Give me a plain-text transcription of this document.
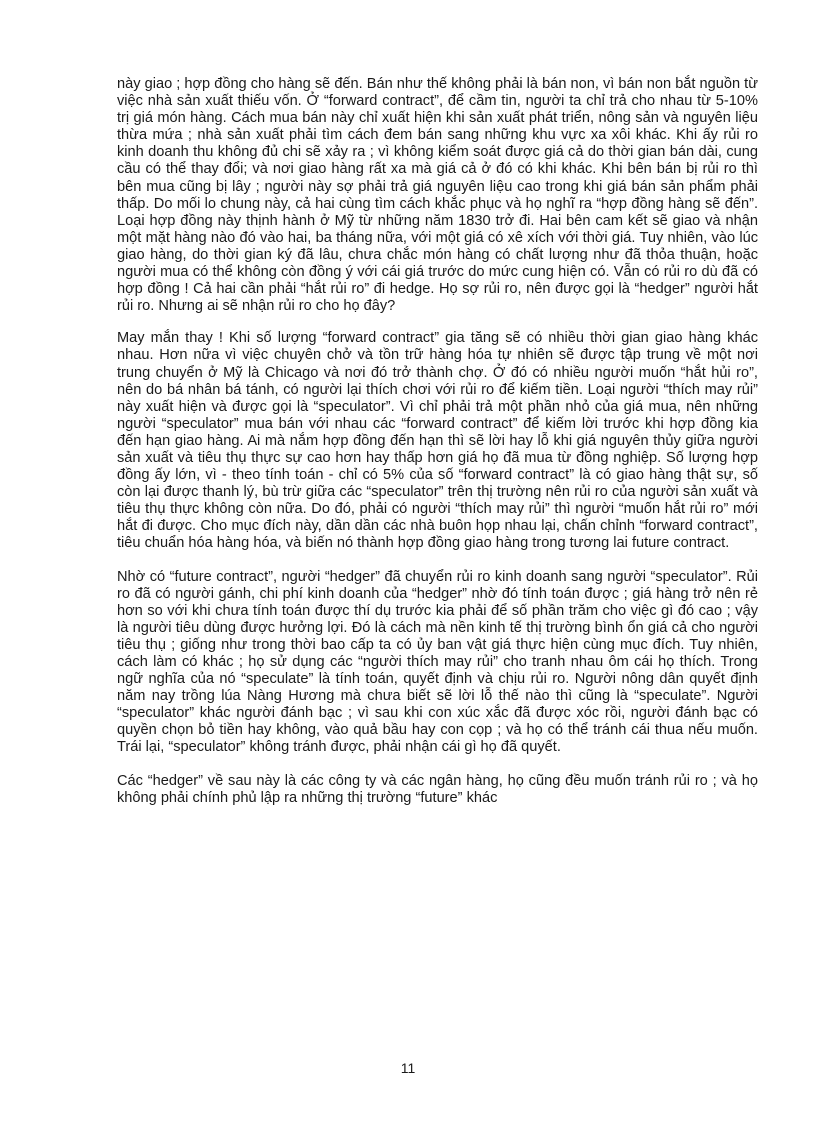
này giao ; hợp đồng cho hàng sẽ đến. Bán như thế không phải là bán non, vì bán non bắt nguồn từ việc nhà sản xuất thiếu vốn. Ở “forward contract”, để cầm tin, người ta chỉ trả cho nhau từ 5-10% trị giá món hàng. Cách mua bán này chỉ xuất hiện khi sản xuất phát triển, nông sản và nguyên liệu thừa mứa ; nhà sản xuất phải tìm cách đem bán sang những khu vực xa xôi khác. Khi ấy rủi ro kinh doanh thu không đủ chi sẽ xảy ra ; vì không kiểm soát được giá cả do thời gian bán dài, cung cầu có thể thay đổi; và nơi giao hàng rất xa mà giá cả ở đó có khi khác. Khi bên bán bị rủi ro thì bên mua cũng bị lây ; người này sợ phải trả giá nguyên liệu cao trong khi giá bán sản phẩm phải thấp. Do mối lo chung này, cả hai cùng tìm cách khắc phục và họ nghĩ ra “hợp đồng hàng sẽ đến”. Loại hợp đồng này thịnh hành ở Mỹ từ những năm 1830 trở đi. Hai bên cam kết sẽ giao và nhận một mặt hàng nào đó vào hai, ba tháng nữa, với một giá có xê xích với thời giá. Tuy nhiên, vào lúc giao hàng, do thời gian ký đã lâu, chưa chắc món hàng có chất lượng như đã thỏa thuận, hoặc người mua có thể không còn đồng ý với cái giá trước do mức cung hiện có. Vẫn có rủi ro dù đã có hợp đồng ! Cả hai cần phải “hắt rủi ro” đi hedge. Họ sợ rủi ro, nên được gọi là “hedger” người hắt rủi ro. Nhưng ai sẽ nhận rủi ro cho họ đây?

May mắn thay ! Khi số lượng “forward contract” gia tăng sẽ có nhiều thời gian giao hàng khác nhau. Hơn nữa vì việc chuyên chở và tồn trữ hàng hóa tự nhiên sẽ được tập trung về một nơi trung chuyển ở Mỹ là Chicago và nơi đó trở thành chợ. Ở đó có nhiều người muốn “hắt hủi ro”, nên do bá nhân bá tánh, có người lại thích chơi với rủi ro để kiếm tiền. Loại người “thích may rủi” này xuất hiện và được gọi là “speculator”. Vì chỉ phải trả một phần nhỏ của giá mua, nên những người “speculator” mua bán với nhau các “forward contract” để kiếm lời trước khi hợp đồng kia đến hạn giao hàng. Ai mà nắm hợp đồng đến hạn thì sẽ lời hay lỗ khi giá nguyên thủy giữa người sản xuất và tiêu thụ thực sự cao hơn hay thấp hơn giá họ đã mua từ đồng nghiệp. Số lượng hợp đồng ấy lớn, vì - theo tính toán - chỉ có 5% của số “forward contract” là có giao hàng thật sự, số còn lại được thanh lý, bù trừ giữa các “speculator” trên thị trường nên rủi ro của người sản xuất và tiêu thụ thực không còn nữa. Do đó, phải có người “thích may rủi” thì người “muốn hắt rủi ro” mới hắt đi được. Cho mục đích này, dần dần các nhà buôn họp nhau lại, chấn chỉnh “forward contract”, tiêu chuẩn hóa hàng hóa, và biến nó thành hợp đồng giao hàng trong tương lai future contract.

Nhờ có “future contract”, người “hedger” đã chuyển rủi ro kinh doanh sang người “speculator”. Rủi ro đã có người gánh, chi phí kinh doanh của “hedger” nhờ đó tính toán được ; giá hàng trở nên rẻ hơn so với khi chưa tính toán được thí dụ trước kia phải để số phần trăm cho việc gì đó cao ; vậy là người tiêu dùng được hưởng lợi. Đó là cách mà nền kinh tế thị trường bình ổn giá cả cho người tiêu thụ ; giống như trong thời bao cấp ta có ủy ban vật giá thực hiện cùng mục đích. Tuy nhiên, cách làm có khác ; họ sử dụng các “người thích may rủi” cho tranh nhau ôm cái họ thích. Trong ngữ nghĩa của nó “speculate” là tính toán, quyết định và chịu rủi ro. Người nông dân quyết định năm nay trồng lúa Nàng Hương mà chưa biết sẽ lời lỗ thế nào thì cũng là “speculate”. Người “speculator” khác người đánh bạc ; vì sau khi con xúc xắc đã được xóc rồi, người đánh bạc có quyền chọn bỏ tiền hay không, vào quả bầu hay con cọp ; và họ có thể tránh cái thua nếu muốn. Trái lại, “speculator” không tránh được, phải nhận cái gì họ đã quyết.

Các “hedger” về sau này là các công ty và các ngân hàng, họ cũng đều muốn tránh rủi ro ; và họ không phải chính phủ lập ra những thị trường “future” khác

11
